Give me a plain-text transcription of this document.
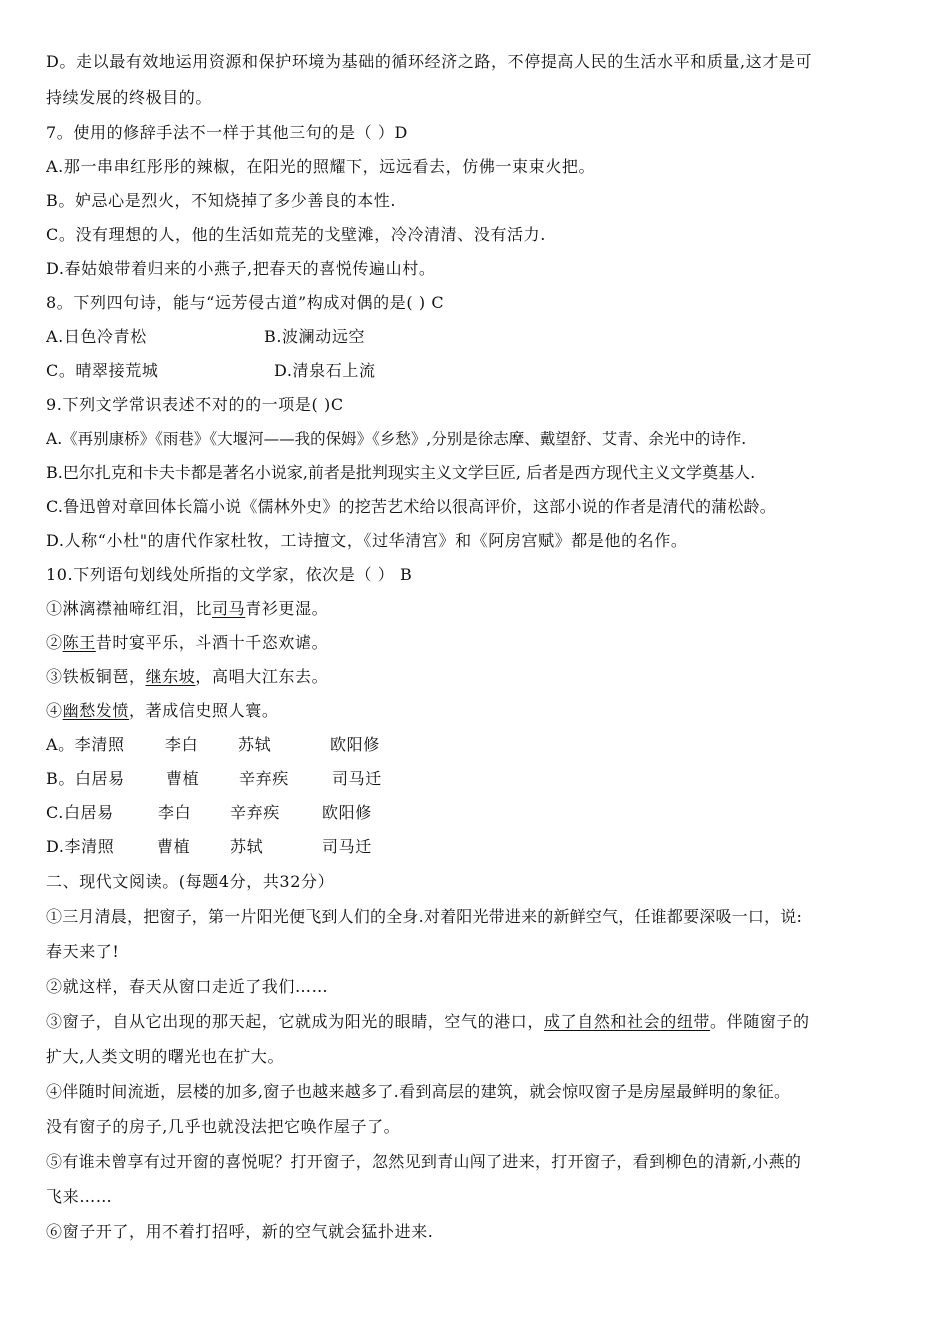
D。走以最有效地运用资源和保护环境为基础的循环经济之路，不停提高人民的生活水平和质量,这才是可
持续发展的终极目的。
7。使用的修辞手法不一样于其他三句的是（ ）D
A.那一串串红彤彤的辣椒，在阳光的照耀下，远远看去，仿佛一束束火把。
B。妒忌心是烈火，不知烧掉了多少善良的本性.
C。没有理想的人，他的生活如荒芜的戈壁滩，冷冷清清、没有活力.
D.春姑娘带着归来的小燕子,把春天的喜悦传遍山村。
8。下列四句诗，能与“远芳侵古道”构成对偶的是( ) C
A.日色冷青松	B.波澜动远空
C。晴翠接荒城	D.清泉石上流
9.下列文学常识表述不对的的一项是( )C
A.《再别康桥》《雨巷》《大堰河——我的保姆》《乡愁》,分别是徐志摩、戴望舒、艾青、余光中的诗作.
B.巴尔扎克和卡夫卡都是著名小说家,前者是批判现实主义文学巨匠, 后者是西方现代主义文学奠基人.
C.鲁迅曾对章回体长篇小说《儒林外史》的挖苦艺术给以很高评价，这部小说的作者是清代的蒲松龄。
D.人称“小杜"的唐代作家杜牧，工诗擅文，《过华清宫》和《阿房宫赋》都是他的名作。
10.下列语句划线处所指的文学家，依次是（ ） B
①淋漓襟袖啼红泪，比司马青衫更湿。
②陈王昔时宴平乐，斗酒十千恣欢谑。
③铁板铜琶，继东坡，高唱大江东去。
④幽愁发愤，著成信史照人寰。
A。李清照	李白 苏轼	欧阳修
B。白居易	曹植 辛弃疾	司马迁
C.白居易	李白 辛弃疾	欧阳修
D.李清照	曹植 苏轼	司马迁
二、现代文阅读。(每题4分，共32分）
①三月清晨，把窗子，第一片阳光便飞到人们的全身.对着阳光带进来的新鲜空气，任谁都要深吸一口，说:
春天来了!
②就这样，春天从窗口走近了我们……
③窗子，自从它出现的那天起，它就成为阳光的眼睛，空气的港口，成了自然和社会的纽带。伴随窗子的
扩大,人类文明的曙光也在扩大。
④伴随时间流逝，层楼的加多,窗子也越来越多了.看到高层的建筑，就会惊叹窗子是房屋最鲜明的象征。
没有窗子的房子,几乎也就没法把它唤作屋子了。
⑤有谁未曾享有过开窗的喜悦呢？打开窗子，忽然见到青山闯了进来，打开窗子，看到柳色的清新,小燕的
飞来……
⑥窗子开了，用不着打招呼，新的空气就会猛扑进来.
